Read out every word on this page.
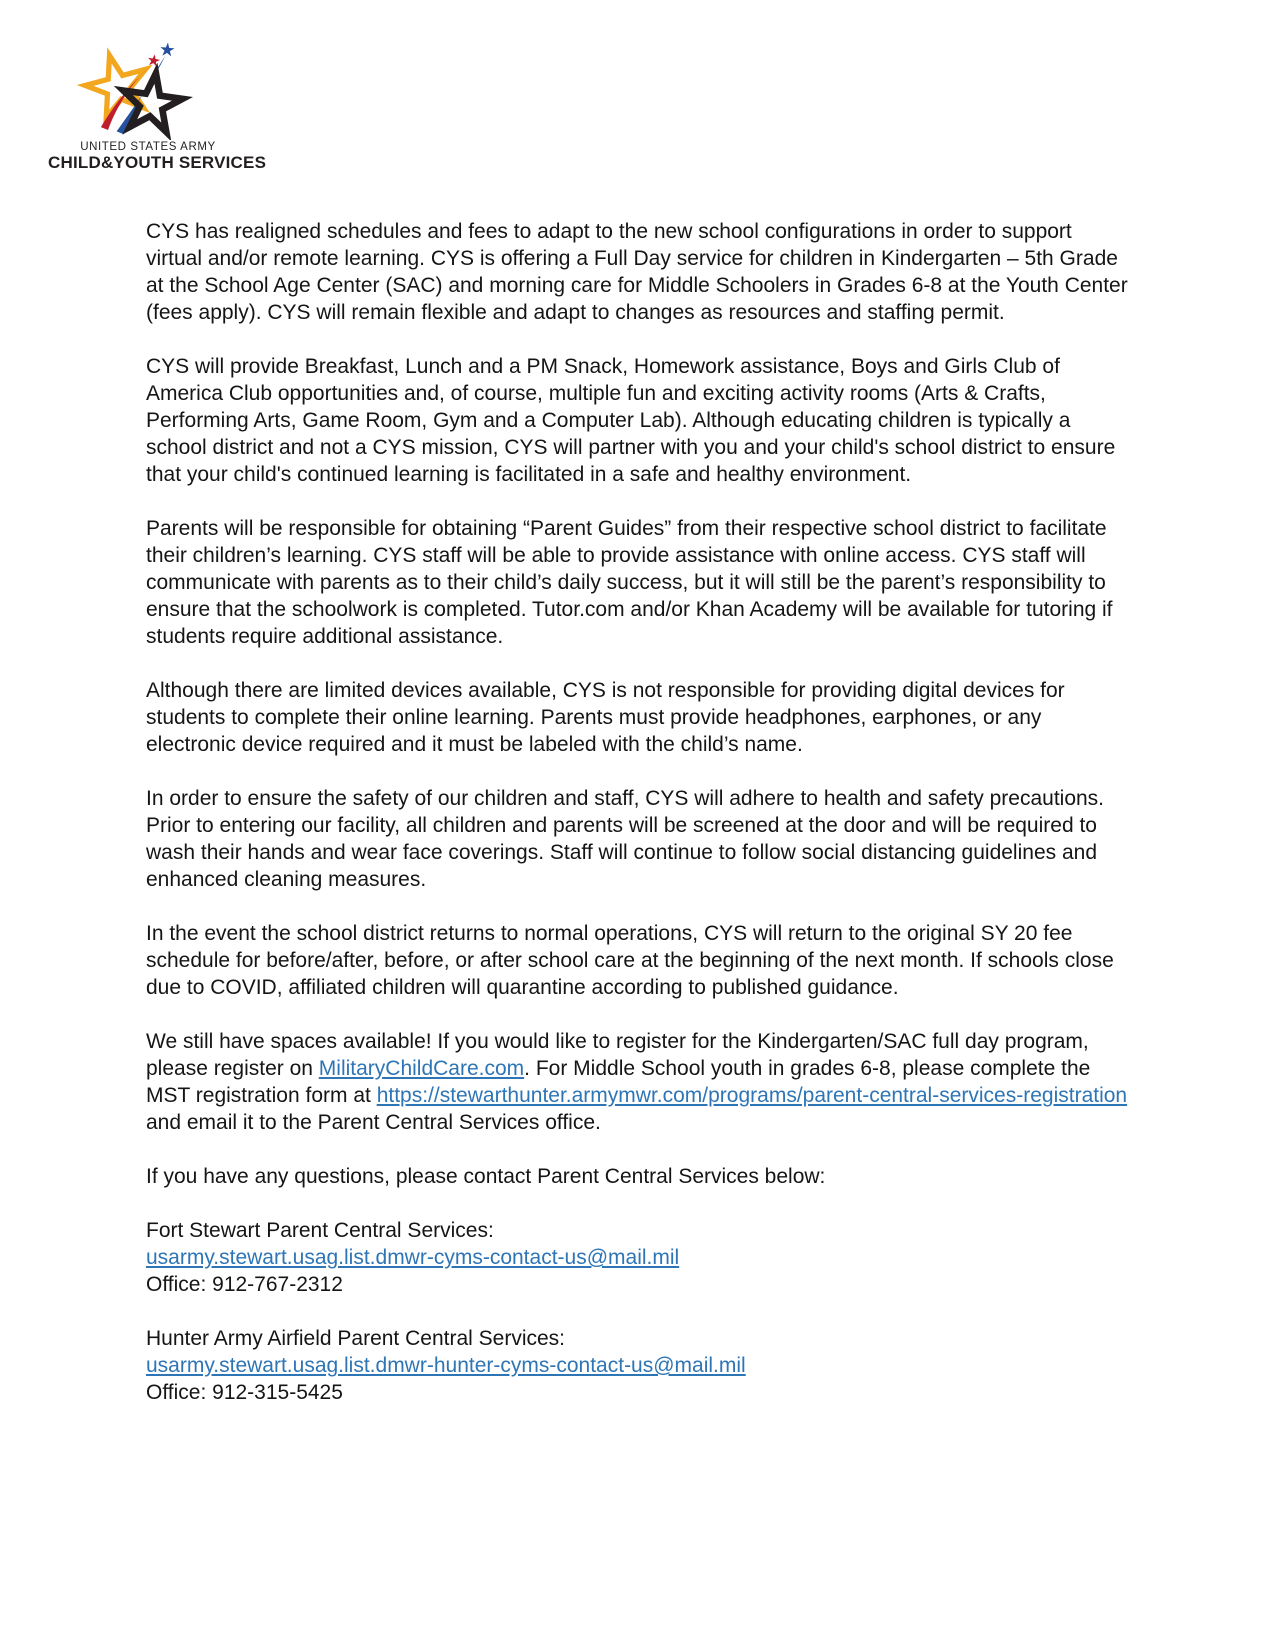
UNITED STATES ARMY
CHILD&YOUTH SERVICES

CYS has realigned schedules and fees to adapt to the new school configurations in order to support virtual and/or remote learning. CYS is offering a Full Day service for children in Kindergarten – 5th Grade at the School Age Center (SAC) and morning care for Middle Schoolers in Grades 6-8 at the Youth Center (fees apply). CYS will remain flexible and adapt to changes as resources and staffing permit.

CYS will provide Breakfast, Lunch and a PM Snack, Homework assistance, Boys and Girls Club of America Club opportunities and, of course, multiple fun and exciting activity rooms (Arts & Crafts, Performing Arts, Game Room, Gym and a Computer Lab). Although educating children is typically a school district and not a CYS mission, CYS will partner with you and your child's school district to ensure that your child's continued learning is facilitated in a safe and healthy environment.

Parents will be responsible for obtaining “Parent Guides” from their respective school district to facilitate their children’s learning. CYS staff will be able to provide assistance with online access. CYS staff will communicate with parents as to their child’s daily success, but it will still be the parent’s responsibility to ensure that the schoolwork is completed. Tutor.com and/or Khan Academy will be available for tutoring if students require additional assistance.

Although there are limited devices available, CYS is not responsible for providing digital devices for students to complete their online learning. Parents must provide headphones, earphones, or any electronic device required and it must be labeled with the child’s name.

In order to ensure the safety of our children and staff, CYS will adhere to health and safety precautions. Prior to entering our facility, all children and parents will be screened at the door and will be required to wash their hands and wear face coverings. Staff will continue to follow social distancing guidelines and enhanced cleaning measures.

In the event the school district returns to normal operations, CYS will return to the original SY 20 fee schedule for before/after, before, or after school care at the beginning of the next month. If schools close due to COVID, affiliated children will quarantine according to published guidance.

We still have spaces available! If you would like to register for the Kindergarten/SAC full day program, please register on MilitaryChildCare.com. For Middle School youth in grades 6-8, please complete the MST registration form at https://stewarthunter.armymwr.com/programs/parent-central-services-registration and email it to the Parent Central Services office.

If you have any questions, please contact Parent Central Services below:

Fort Stewart Parent Central Services:
usarmy.stewart.usag.list.dmwr-cyms-contact-us@mail.mil
Office: 912-767-2312

Hunter Army Airfield Parent Central Services:
usarmy.stewart.usag.list.dmwr-hunter-cyms-contact-us@mail.mil
Office: 912-315-5425
